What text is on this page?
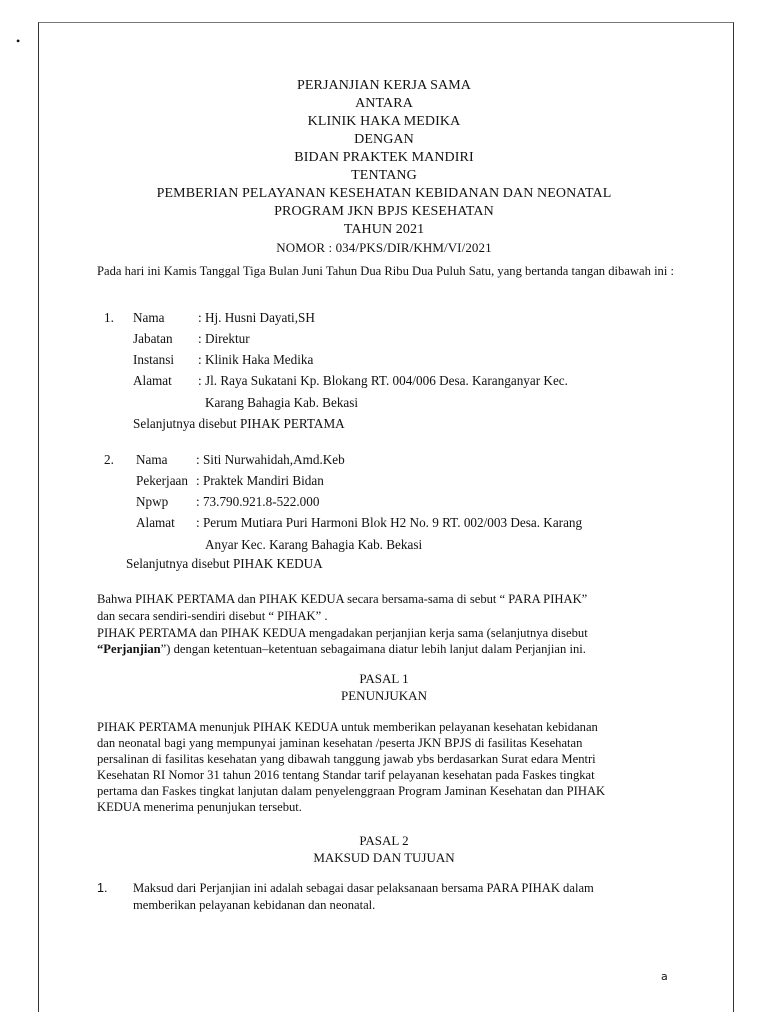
•
PERJANJIAN KERJA SAMA
ANTARA
KLINIK HAKA MEDIKA
DENGAN
BIDAN PRAKTEK MANDIRI
TENTANG
PEMBERIAN PELAYANAN KESEHATAN KEBIDANAN DAN NEONATAL
PROGRAM JKN BPJS KESEHATAN
TAHUN 2021
NOMOR : 034/PKS/DIR/KHM/VI/2021
Pada hari ini Kamis Tanggal Tiga Bulan Juni Tahun Dua Ribu Dua Puluh Satu, yang bertanda tangan dibawah ini :
1. Nama	: Hj. Husni Dayati,SH
Jabatan : Direktur
Instansi : Klinik Haka Medika
Alamat : Jl. Raya Sukatani Kp. Blokang RT. 004/006 Desa. Karanganyar Kec.
Karang Bahagia Kab. Bekasi
Selanjutnya disebut PIHAK PERTAMA
2. Nama : Siti Nurwahidah,Amd.Keb
Pekerjaan : Praktek Mandiri Bidan
Npwp : 73.790.921.8-522.000
Alamat : Perum Mutiara Puri Harmoni Blok H2 No. 9 RT. 002/003 Desa. Karang
Anyar Kec. Karang Bahagia Kab. Bekasi
Selanjutnya disebut PIHAK KEDUA
Bahwa PIHAK PERTAMA dan PIHAK KEDUA secara bersama-sama di sebut “ PARA PIHAK”
dan secara sendiri-sendiri disebut “ PIHAK” .
PIHAK PERTAMA dan PIHAK KEDUA mengadakan perjanjian kerja sama (selanjutnya disebut
“Perjanjian”) dengan ketentuan–ketentuan sebagaimana diatur lebih lanjut dalam Perjanjian ini.
PASAL 1
PENUNJUKAN
PIHAK PERTAMA menunjuk PIHAK KEDUA untuk memberikan pelayanan kesehatan kebidanan
dan neonatal bagi yang mempunyai jaminan kesehatan /peserta JKN BPJS di fasilitas Kesehatan
persalinan di fasilitas kesehatan yang dibawah tanggung jawab ybs berdasarkan Surat edara Mentri
Kesehatan RI Nomor 31 tahun 2016 tentang Standar tarif pelayanan kesehatan pada Faskes tingkat
pertama dan Faskes tingkat lanjutan dalam penyelenggraan Program Jaminan Kesehatan dan PIHAK
KEDUA menerima penunjukan tersebut.
PASAL 2
MAKSUD DAN TUJUAN
1. Maksud dari Perjanjian ini adalah sebagai dasar pelaksanaan bersama PARA PIHAK dalam
memberikan pelayanan kebidanan dan neonatal.
a
